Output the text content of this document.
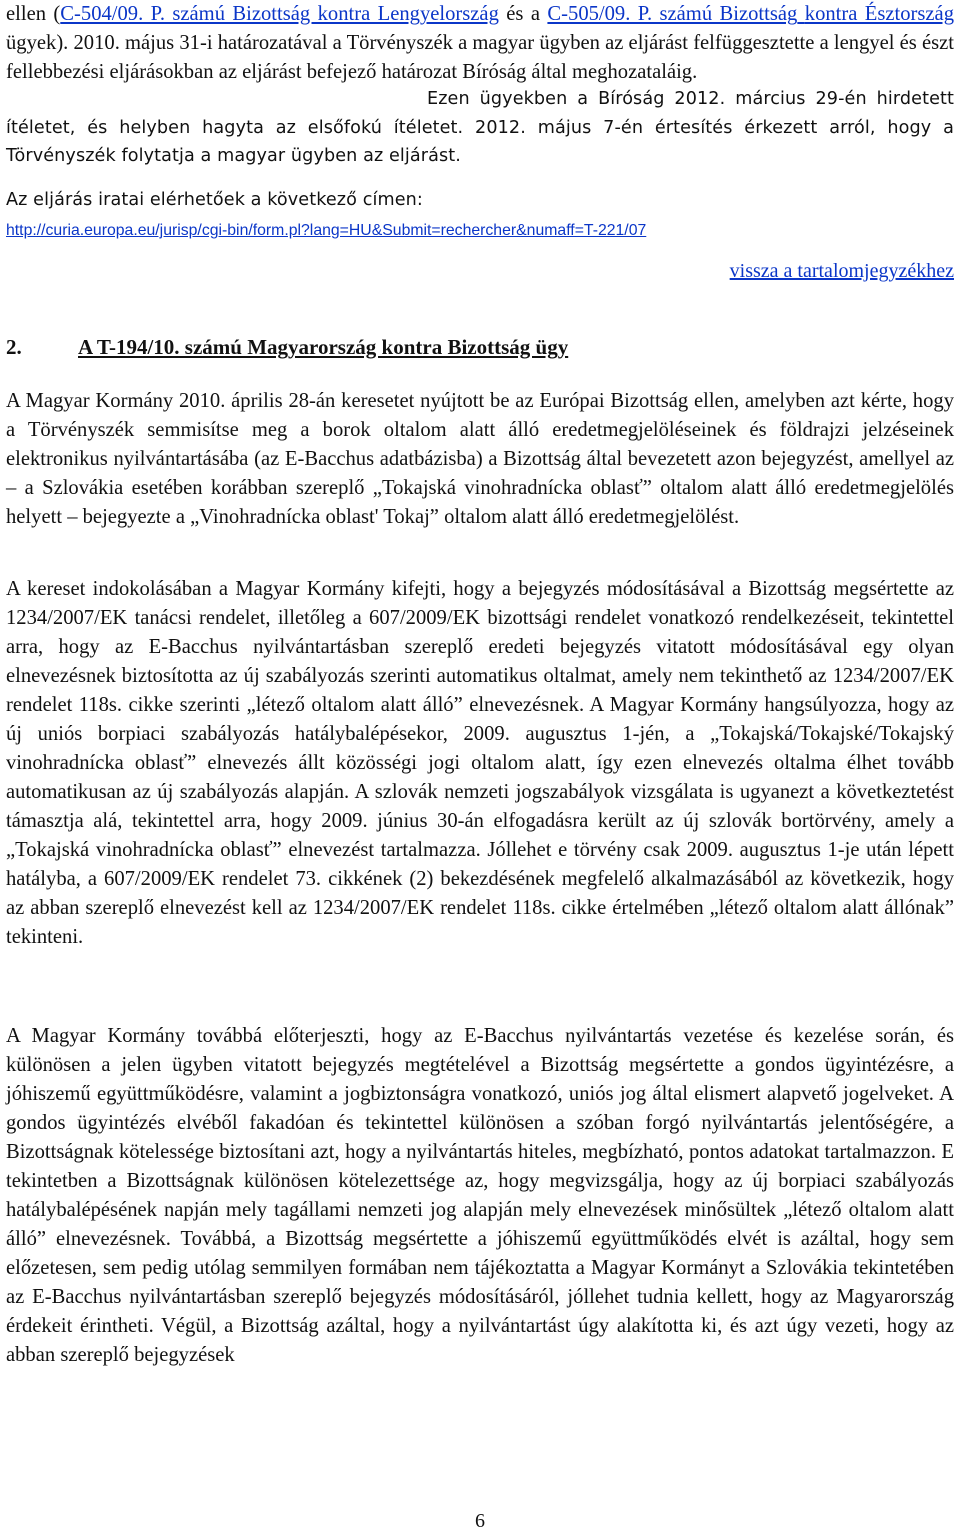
ellen (C-504/09. P. számú Bizottság kontra Lengyelország és a C-505/09. P. számú Bizottság kontra Észtország ügyek). 2010. május 31-i határozatával a Törvényszék a magyar ügyben az eljárást felfüggesztette a lengyel és észt fellebbezési eljárásokban az eljárást befejező határozat Bíróság által meghozataláig.

Ezen ügyekben a Bíróság 2012. március 29-én hirdetett ítéletet, és helyben hagyta az elsőfokú ítéletet. 2012. május 7-én értesítés érkezett arról, hogy a Törvényszék folytatja a magyar ügyben az eljárást.

Az eljárás iratai elérhetőek a következő címen:

http://curia.europa.eu/jurisp/cgi-bin/form.pl?lang=HU&Submit=rechercher&numaff=T-221/07
vissza a tartalomjegyzékhez
2.	A T-194/10. számú Magyarország kontra Bizottság ügy

A Magyar Kormány 2010. április 28-án keresetet nyújtott be az Európai Bizottság ellen, amelyben azt kérte, hogy a Törvényszék semmisítse meg a borok oltalom alatt álló eredetmegjelöléseinek és földrajzi jelzéseinek elektronikus nyilvántartásába (az E-Bacchus adatbázisba) a Bizottság által bevezetett azon bejegyzést, amellyel az – a Szlovákia esetében korábban szereplő „Tokajská vinohradnícka oblasť” oltalom alatt álló eredetmegjelölés helyett – bejegyezte a „Vinohradnícka oblast' Tokaj” oltalom alatt álló eredetmegjelölést.

A kereset indokolásában a Magyar Kormány kifejti, hogy a bejegyzés módosításával a Bizottság megsértette az 1234/2007/EK tanácsi rendelet, illetőleg a 607/2009/EK bizottsági rendelet vonatkozó rendelkezéseit, tekintettel arra, hogy az E-Bacchus nyilvántartásban szereplő eredeti bejegyzés vitatott módosításával egy olyan elnevezésnek biztosította az új szabályozás szerinti automatikus oltalmat, amely nem tekinthető az 1234/2007/EK rendelet 118s. cikke szerinti „létező oltalom alatt álló” elnevezésnek. A Magyar Kormány hangsúlyozza, hogy az új uniós borpiaci szabályozás hatálybalépésekor, 2009. augusztus 1-jén, a „Tokajská/Tokajské/Tokajský vinohradnícka oblasť” elnevezés állt közösségi jogi oltalom alatt, így ezen elnevezés oltalma élhet tovább automatikusan az új szabályozás alapján. A szlovák nemzeti jogszabályok vizsgálata is ugyanezt a következtetést támasztja alá, tekintettel arra, hogy 2009. június 30-án elfogadásra került az új szlovák bortörvény, amely a „Tokajská vinohradnícka oblasť” elnevezést tartalmazza. Jóllehet e törvény csak 2009. augusztus 1-je után lépett hatályba, a 607/2009/EK rendelet 73. cikkének (2) bekezdésének megfelelő alkalmazásából az következik, hogy az abban szereplő elnevezést kell az 1234/2007/EK rendelet 118s. cikke értelmében „létező oltalom alatt állónak” tekinteni.

A Magyar Kormány továbbá előterjeszti, hogy az E-Bacchus nyilvántartás vezetése és kezelése során, és különösen a jelen ügyben vitatott bejegyzés megtételével a Bizottság megsértette a gondos ügyintézésre, a jóhiszemű együttműködésre, valamint a jogbiztonságra vonatkozó, uniós jog által elismert alapvető jogelveket. A gondos ügyintézés elvéből fakadóan és tekintettel különösen a szóban forgó nyilvántartás jelentőségére, a Bizottságnak kötelessége biztosítani azt, hogy a nyilvántartás hiteles, megbízható, pontos adatokat tartalmazzon. E tekintetben a Bizottságnak különösen kötelezettsége az, hogy megvizsgálja, hogy az új borpiaci szabályozás hatálybalépésének napján mely tagállami nemzeti jog alapján mely elnevezések minősültek „létező oltalom alatt álló” elnevezésnek. Továbbá, a Bizottság megsértette a jóhiszemű együttműködés elvét is azáltal, hogy sem előzetesen, sem pedig utólag semmilyen formában nem tájékoztatta a Magyar Kormányt a Szlovákia tekintetében az E-Bacchus nyilvántartásban szereplő bejegyzés módosításáról, jóllehet tudnia kellett, hogy az Magyarország érdekeit érintheti. Végül, a Bizottság azáltal, hogy a nyilvántartást úgy alakította ki, és azt úgy vezeti, hogy az abban szereplő bejegyzések

6
